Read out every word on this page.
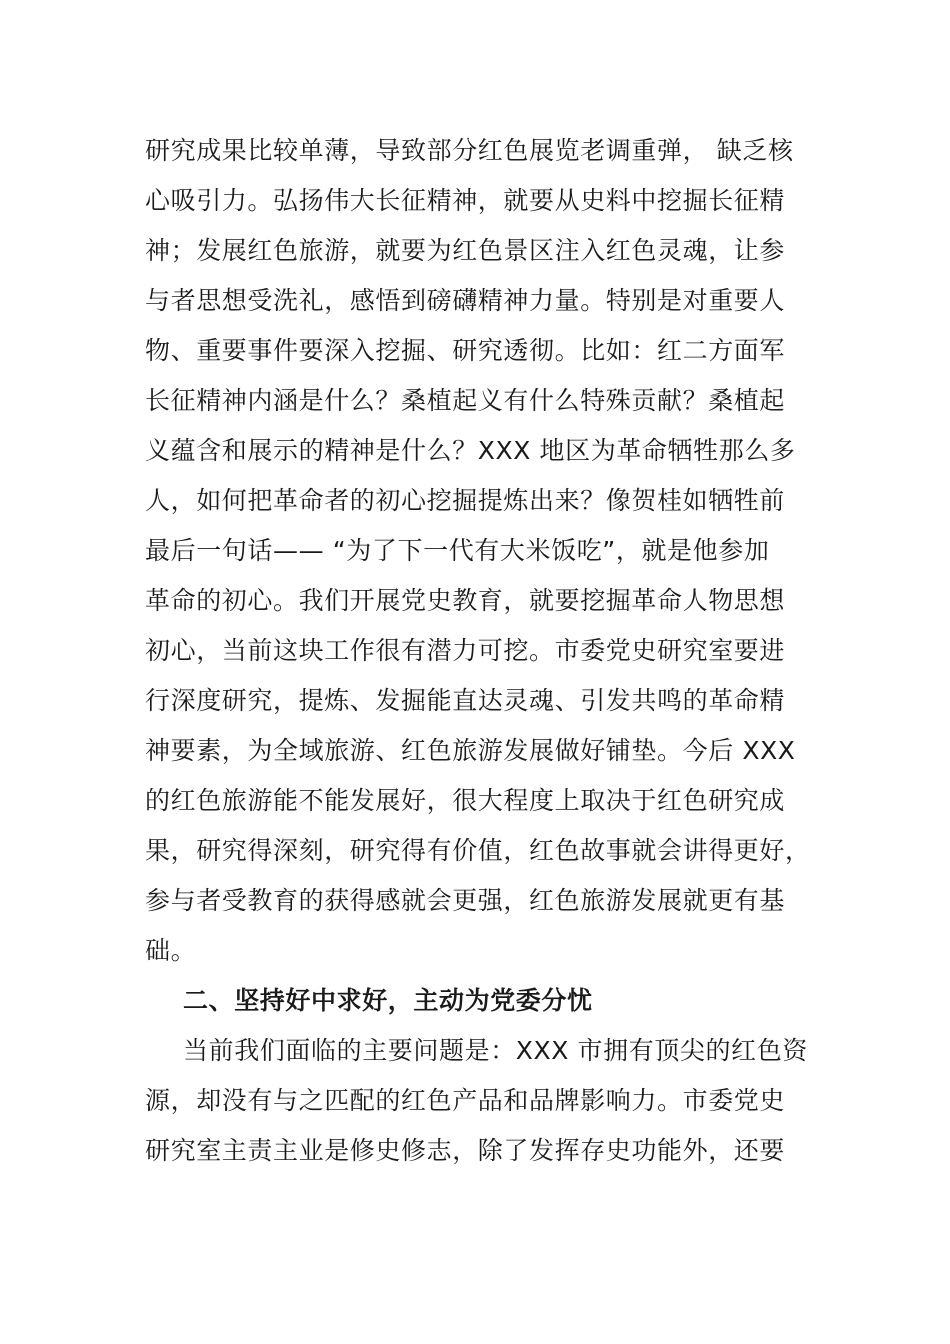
研究成果比较单薄，导致部分红色展览老调重弹， 缺乏核
心吸引力。弘扬伟大长征精神，就要从史料中挖掘长征精
神；发展红色旅游，就要为红色景区注入红色灵魂，让参
与者思想受洗礼，感悟到磅礴精神力量。特别是对重要人
物、重要事件要深入挖掘、研究透彻。比如：红二方面军
长征精神内涵是什么？桑植起义有什么特殊贡献？桑植起
义蕴含和展示的精神是什么？XXX 地区为革命牺牲那么多
人，如何把革命者的初心挖掘提炼出来？像贺桂如牺牲前
最后一句话—— “为了下一代有大米饭吃”，就是他参加
革命的初心。我们开展党史教育，就要挖掘革命人物思想
初心，当前这块工作很有潜力可挖。市委党史研究室要进
行深度研究，提炼、发掘能直达灵魂、引发共鸣的革命精
神要素，为全域旅游、红色旅游发展做好铺垫。今后 XXX
的红色旅游能不能发展好，很大程度上取决于红色研究成
果，研究得深刻，研究得有价值，红色故事就会讲得更好，
参与者受教育的获得感就会更强，红色旅游发展就更有基
础。
二、坚持好中求好，主动为党委分忧
当前我们面临的主要问题是：XXX 市拥有顶尖的红色资
源，却没有与之匹配的红色产品和品牌影响力。市委党史
研究室主责主业是修史修志，除了发挥存史功能外，还要
